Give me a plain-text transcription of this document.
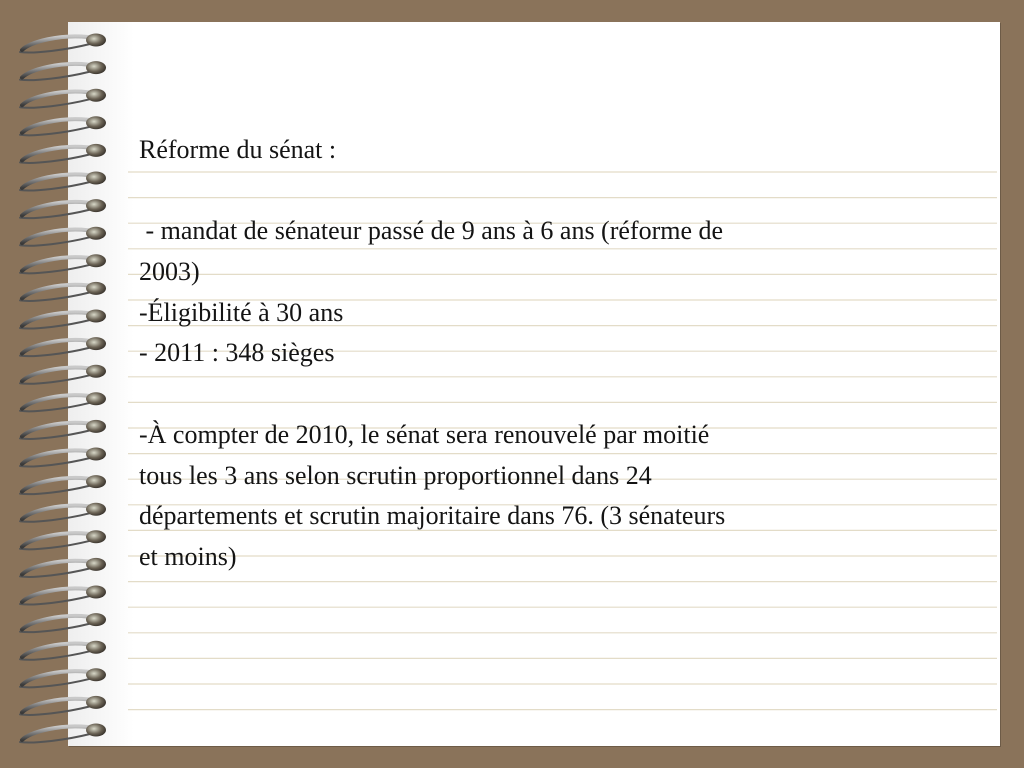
Réforme du sénat :
- mandat de sénateur passé de 9 ans à 6 ans (réforme de
2003)
-Éligibilité à 30 ans
- 2011 : 348 sièges
-À compter de 2010, le sénat sera renouvelé par moitié
tous les 3 ans selon scrutin proportionnel dans 24
départements et scrutin majoritaire dans 76. (3 sénateurs
et moins)
